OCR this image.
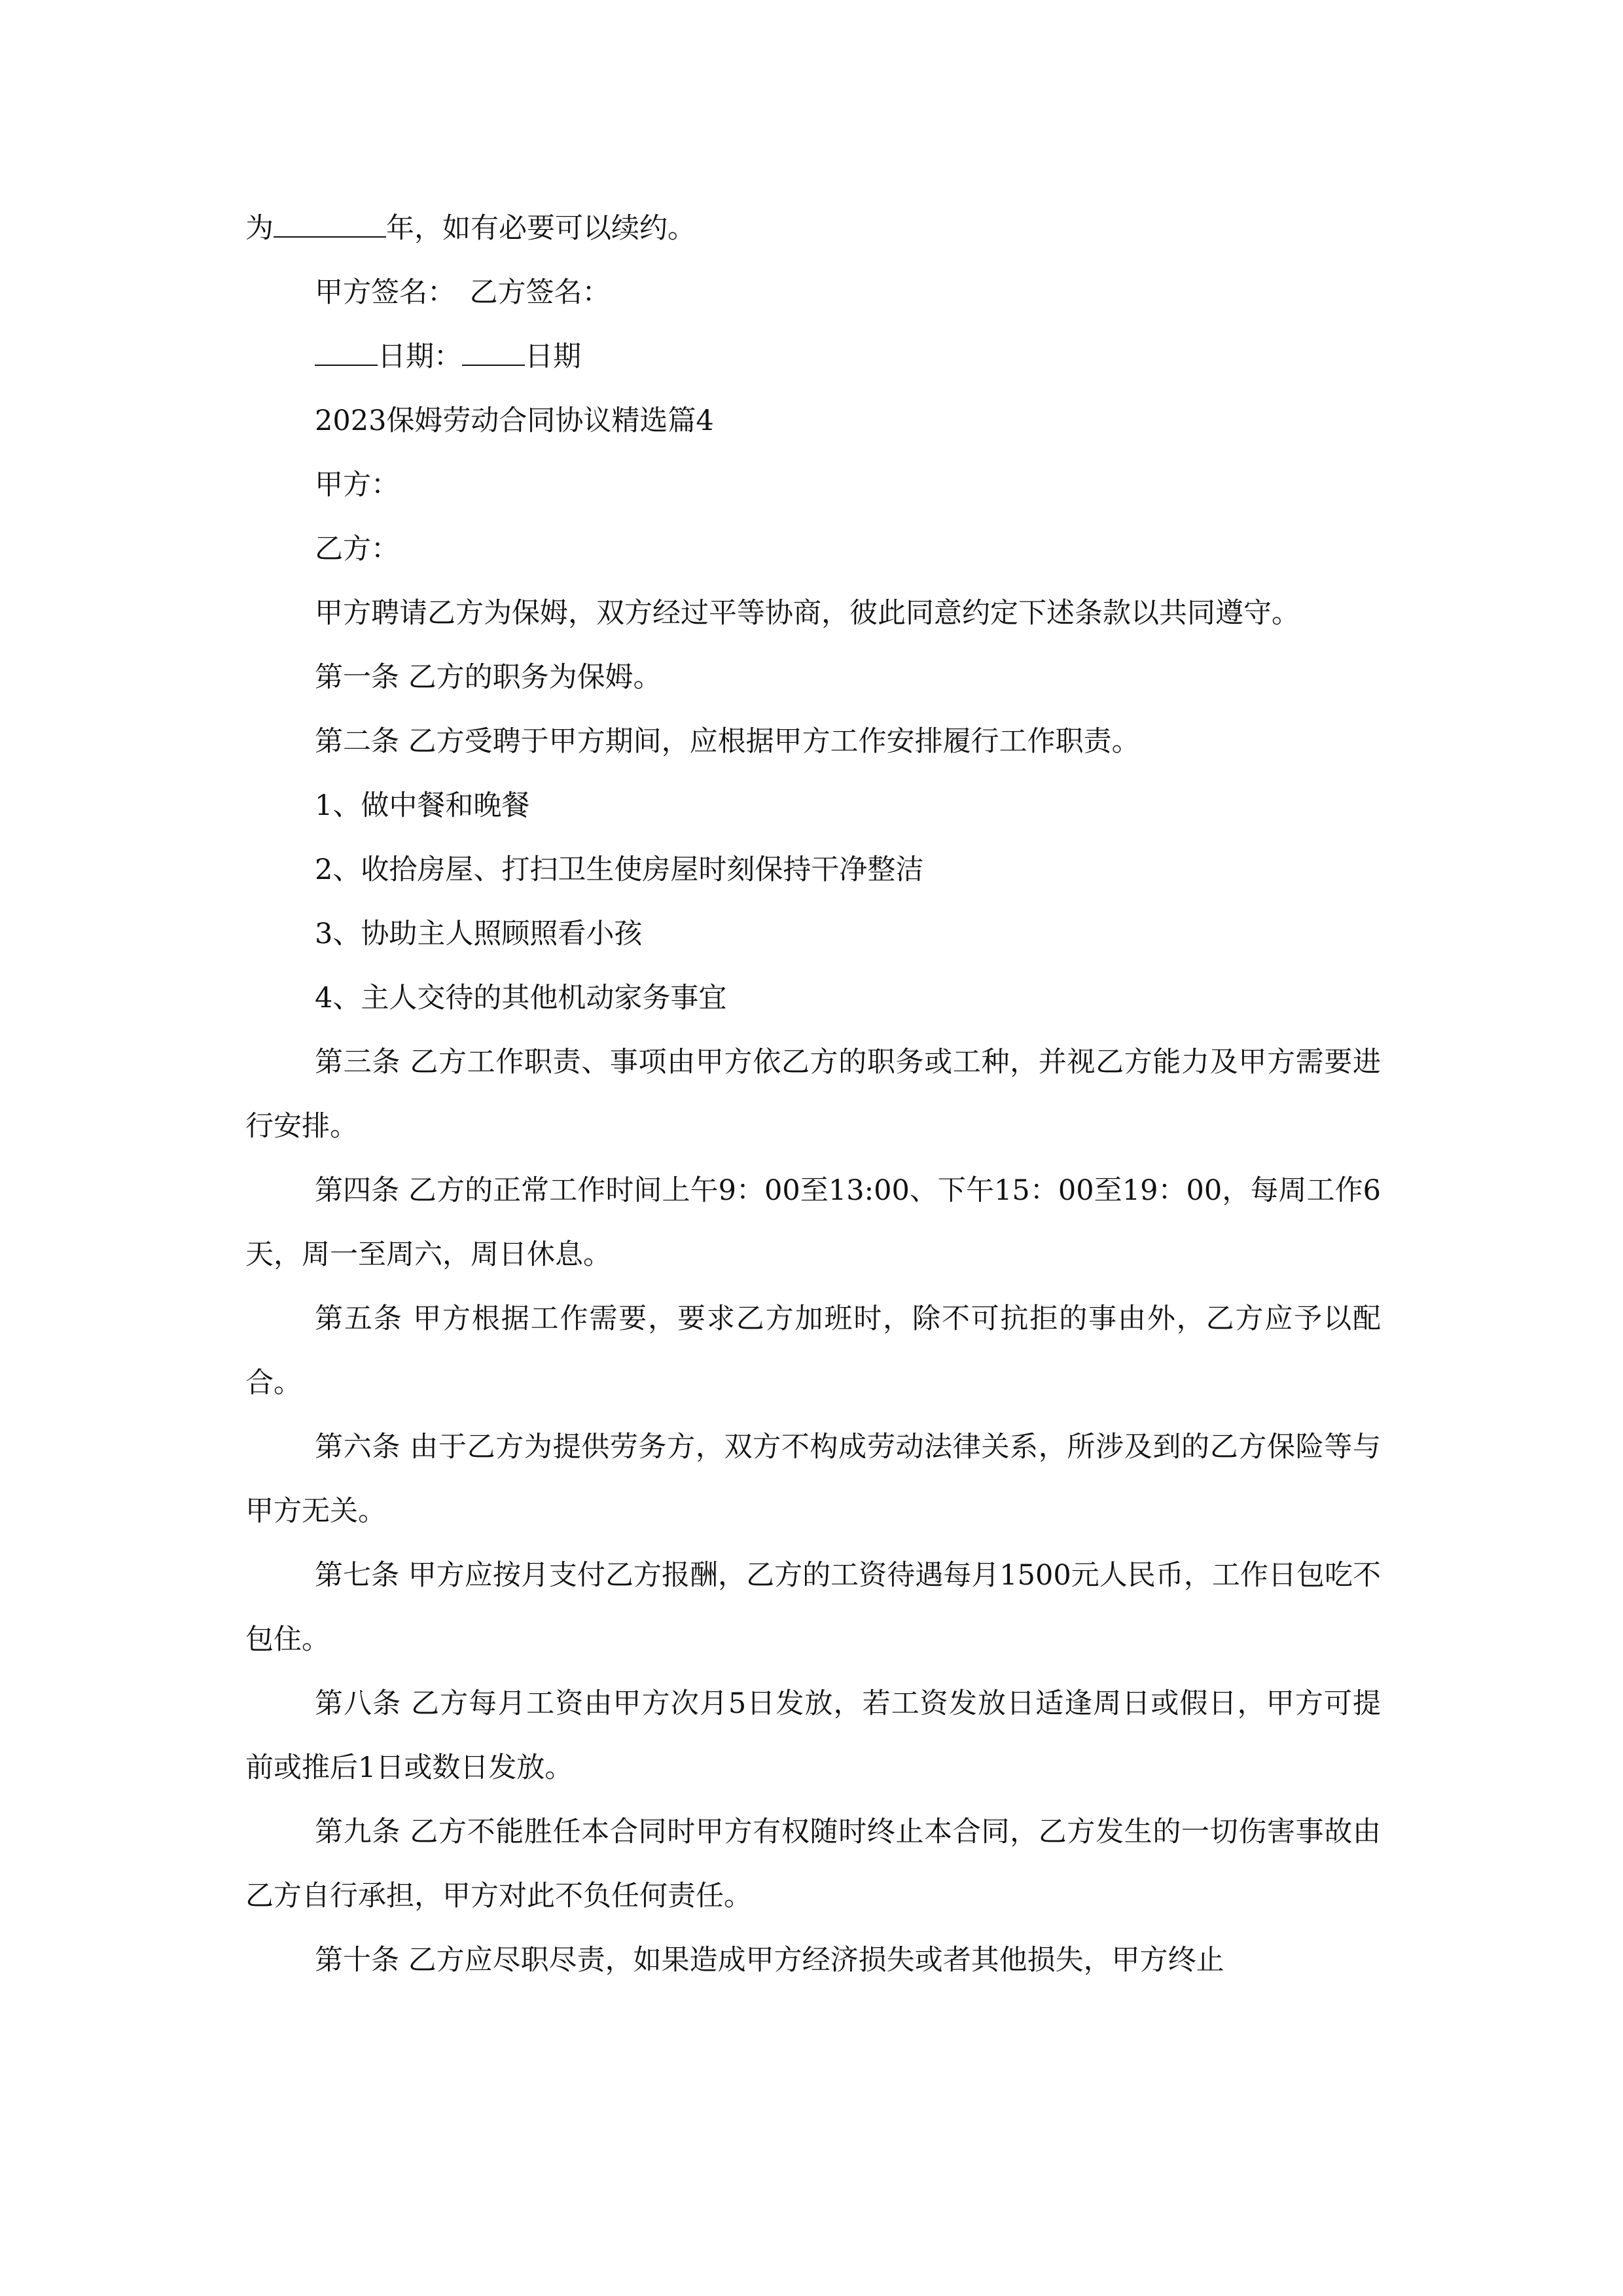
为	年，如有必要可以续约。

甲方签名：　乙方签名：

日期： 日期

2023保姆劳动合同协议精选篇4

甲方：

乙方：

甲方聘请乙方为保姆，双方经过平等协商，彼此同意约定下述条款以共同遵守。

第一条 乙方的职务为保姆。

第二条 乙方受聘于甲方期间，应根据甲方工作安排履行工作职责。

1、做中餐和晚餐

2、收拾房屋、打扫卫生使房屋时刻保持干净整洁

3、协助主人照顾照看小孩

4、主人交待的其他机动家务事宜

第三条 乙方工作职责、事项由甲方依乙方的职务或工种，并视乙方能力及甲方需要进行安排。

第四条 乙方的正常工作时间上午9：00至13:00、下午15：00至19：00，每周工作6天，周一至周六，周日休息。

第五条 甲方根据工作需要，要求乙方加班时，除不可抗拒的事由外，乙方应予以配合。

第六条 由于乙方为提供劳务方，双方不构成劳动法律关系，所涉及到的乙方保险等与甲方无关。

第七条 甲方应按月支付乙方报酬，乙方的工资待遇每月1500元人民币，工作日包吃不包住。

第八条 乙方每月工资由甲方次月5日发放，若工资发放日适逢周日或假日，甲方可提前或推后1日或数日发放。

第九条 乙方不能胜任本合同时甲方有权随时终止本合同，乙方发生的一切伤害事故由乙方自行承担，甲方对此不负任何责任。

第十条 乙方应尽职尽责，如果造成甲方经济损失或者其他损失，甲方终止
